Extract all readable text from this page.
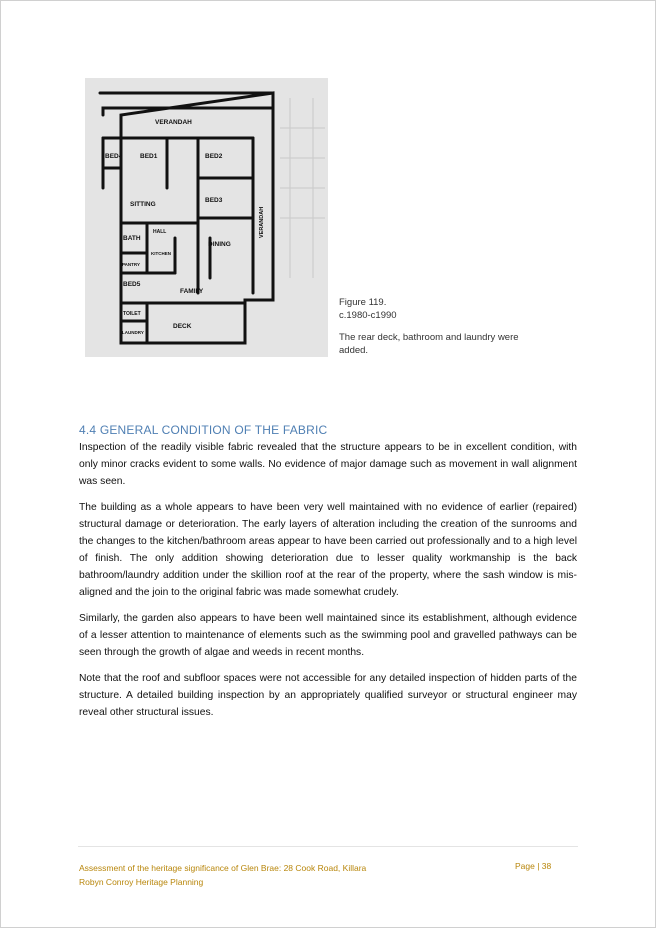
VERANDAH
BED4	BED1	BED2
BED3
SITTING
BATH
HALL
KITCHEN
DINING
VERANDAH
PANTRY
BED5
FAMILY
TOILET
LAUNDRY
DECK
Figure 119.
c.1980-c1990
The rear deck, bathroom and laundry were added.
4.4 GENERAL CONDITION OF THE FABRIC

Inspection of the readily visible fabric revealed that the structure appears to be in excellent condition, with only minor cracks evident to some walls. No evidence of major damage such as movement in wall alignment was seen.

The building as a whole appears to have been very well maintained with no evidence of earlier (repaired) structural damage or deterioration. The early layers of alteration including the creation of the sunrooms and the changes to the kitchen/bathroom areas appear to have been carried out professionally and to a high level of finish. The only addition showing deterioration due to lesser quality workmanship is the back bathroom/laundry addition under the skillion roof at the rear of the property, where the sash window is mis-aligned and the join to the original fabric was made somewhat crudely.

Similarly, the garden also appears to have been well maintained since its establishment, although evidence of a lesser attention to maintenance of elements such as the swimming pool and gravelled pathways can be seen through the growth of algae and weeds in recent months.

Note that the roof and subfloor spaces were not accessible for any detailed inspection of hidden parts of the structure. A detailed building inspection by an appropriately qualified surveyor or structural engineer may reveal other structural issues.

Assessment of the heritage significance of Glen Brae: 28 Cook Road, Killara
Robyn Conroy Heritage Planning
Page | 38
